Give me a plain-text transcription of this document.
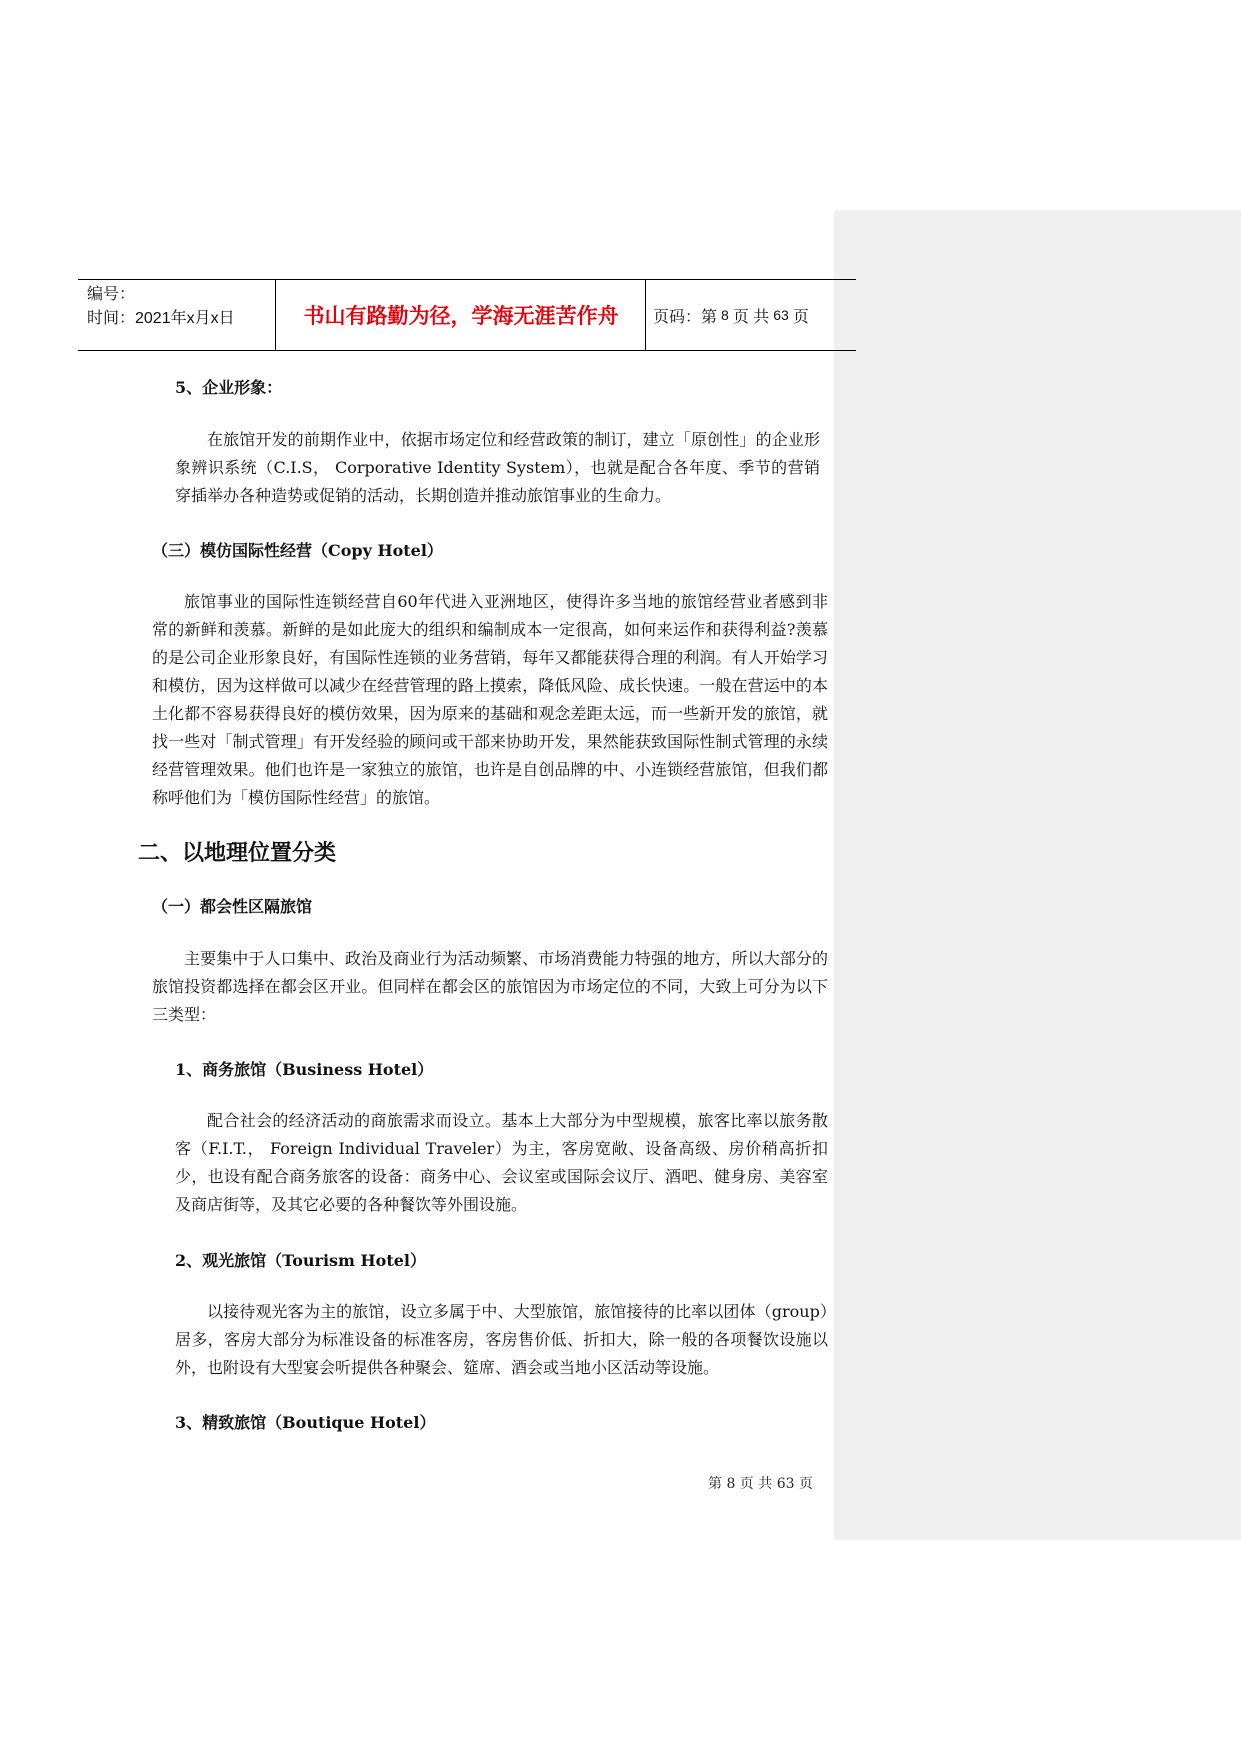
编号：
时间：2021年x月x日	书山有路勤为径，学海无涯苦作舟	页码：第 8 页 共 63 页
5、企业形象：
在旅馆开发的前期作业中，依据市场定位和经营政策的制订，建立「原创性」的企业形象辨识系统（C.I.S， Corporative Identity System），也就是配合各年度、季节的营销穿插举办各种造势或促销的活动，长期创造并推动旅馆事业的生命力。
（三）模仿国际性经营（Copy Hotel）
旅馆事业的国际性连锁经营自60年代进入亚洲地区，使得许多当地的旅馆经营业者感到非常的新鲜和羡慕。新鲜的是如此庞大的组织和编制成本一定很高，如何来运作和获得利益?羡慕的是公司企业形象良好，有国际性连锁的业务营销，每年又都能获得合理的利润。有人开始学习和模仿，因为这样做可以减少在经营管理的路上摸索，降低风险、成长快速。一般在营运中的本土化都不容易获得良好的模仿效果，因为原来的基础和观念差距太远，而一些新开发的旅馆，就找一些对「制式管理」有开发经验的顾问或干部来协助开发，果然能获致国际性制式管理的永续经营管理效果。他们也许是一家独立的旅馆，也许是自创品牌的中、小连锁经营旅馆，但我们都称呼他们为「模仿国际性经营」的旅馆。
二、以地理位置分类
（一）都会性区隔旅馆
主要集中于人口集中、政治及商业行为活动频繁、市场消费能力特强的地方，所以大部分的旅馆投资都选择在都会区开业。但同样在都会区的旅馆因为市场定位的不同，大致上可分为以下三类型：
1、商务旅馆（Business Hotel）
配合社会的经济活动的商旅需求而设立。基本上大部分为中型规模，旅客比率以旅务散客（F.I.T.， Foreign Individual Traveler）为主，客房宽敞、设备高级、房价稍高折扣少，也设有配合商务旅客的设备：商务中心、会议室或国际会议厅、酒吧、健身房、美容室及商店街等，及其它必要的各种餐饮等外围设施。
2、观光旅馆（Tourism Hotel）
以接待观光客为主的旅馆，设立多属于中、大型旅馆，旅馆接待的比率以团体（group）居多，客房大部分为标准设备的标准客房，客房售价低、折扣大，除一般的各项餐饮设施以外，也附设有大型宴会听提供各种聚会、筵席、酒会或当地小区活动等设施。
3、精致旅馆（Boutique Hotel）
第 8 页 共 63 页
